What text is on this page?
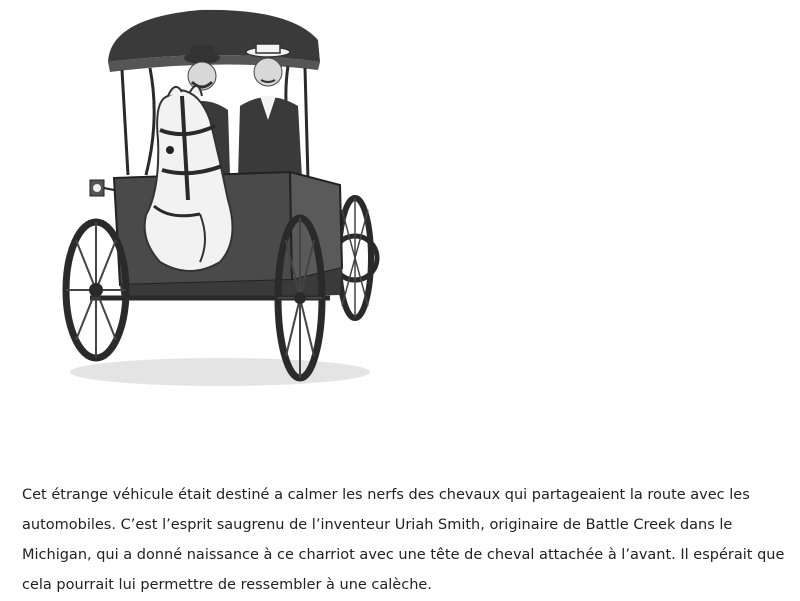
Cet étrange véhicule était destiné a calmer les nerfs des chevaux qui partageaient la route avec les automobiles. C’est l’esprit saugrenu de l’inventeur Uriah Smith, originaire de Battle Creek dans le Michigan, qui a donné naissance à ce charriot avec une tête de cheval attachée à l’avant. Il espérait que cela pourrait lui permettre de ressembler à une calèche.
